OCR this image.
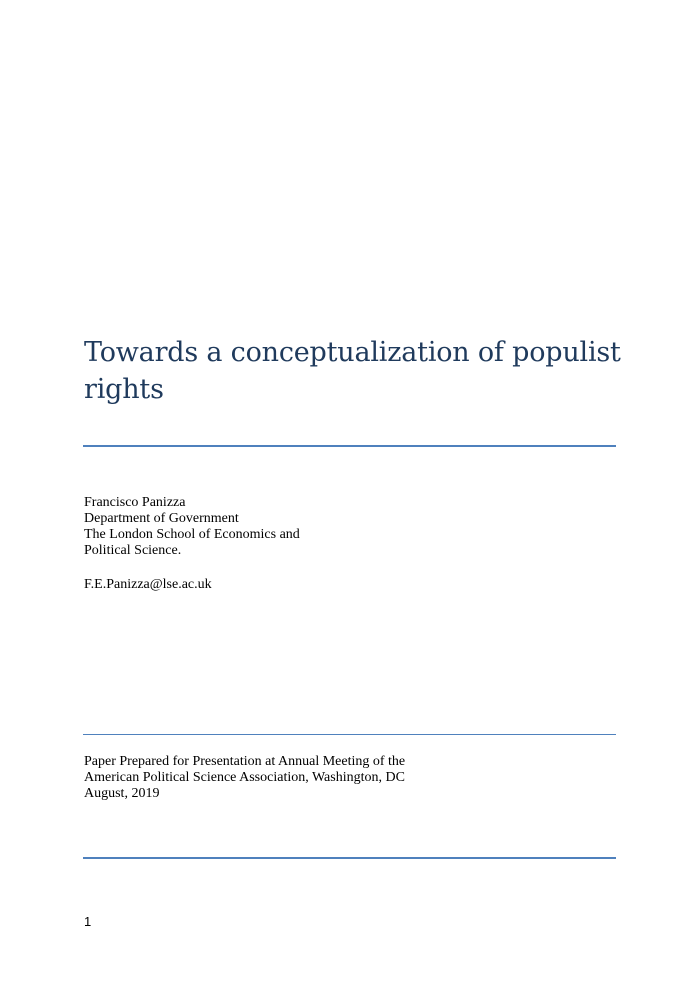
Towards a conceptualization of populist
rights
Francisco Panizza
Department of Government
The London School of Economics and
Political Science.
F.E.Panizza@lse.ac.uk
Paper Prepared for Presentation at Annual Meeting of the
American Political Science Association, Washington, DC
August, 2019
1
